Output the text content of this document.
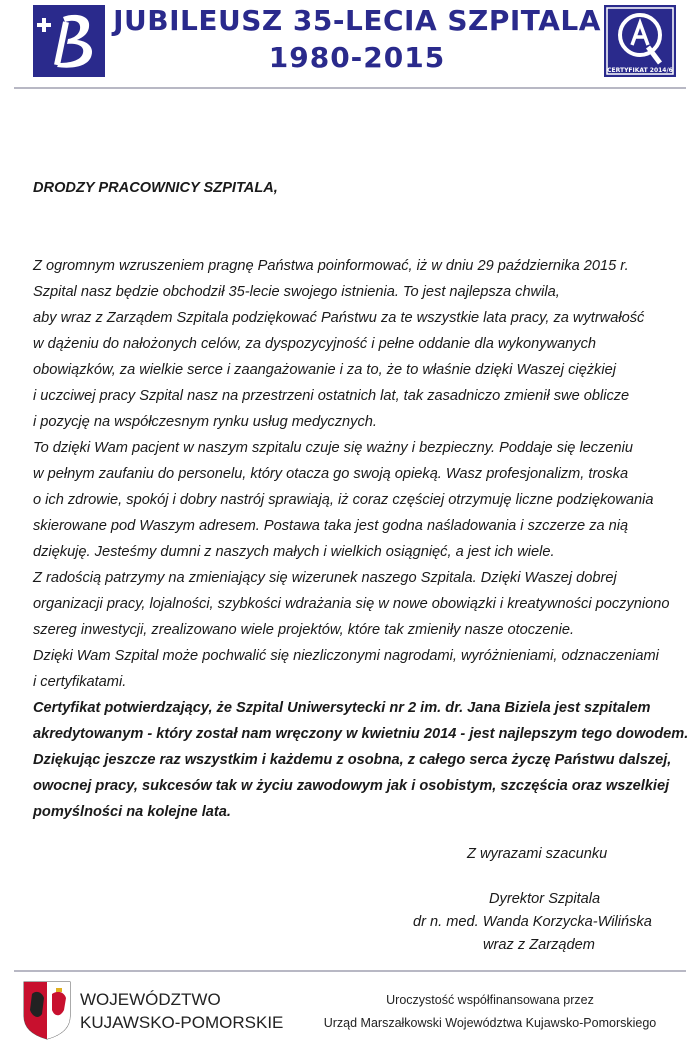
JUBILEUSZ 35-LECIA SZPITALA
1980-2015	CERTYFIKAT 2014/6
DRODZY PRACOWNICY SZPITALA,
Z ogromnym wzruszeniem pragnę Państwa poinformować, iż w dniu 29 października 2015 r.
Szpital nasz będzie obchodził 35-lecie swojego istnienia. To jest najlepsza chwila,
aby wraz z Zarządem Szpitala podziękować Państwu za te wszystkie lata pracy, za wytrwałość
w dążeniu do nałożonych celów, za dyspozycyjność i pełne oddanie dla wykonywanych
obowiązków, za wielkie serce i zaangażowanie i za to, że to właśnie dzięki Waszej ciężkiej
i uczciwej pracy Szpital nasz na przestrzeni ostatnich lat, tak zasadniczo zmienił swe oblicze
i pozycję na współczesnym rynku usług medycznych.
To dzięki Wam pacjent w naszym szpitalu czuje się ważny i bezpieczny. Poddaje się leczeniu
w pełnym zaufaniu do personelu, który otacza go swoją opieką. Wasz profesjonalizm, troska
o ich zdrowie, spokój i dobry nastrój sprawiają, iż coraz częściej otrzymuję liczne podziękowania
skierowane pod Waszym adresem. Postawa taka jest godna naśladowania i szczerze za nią
dziękuję. Jesteśmy dumni z naszych małych i wielkich osiągnięć, a jest ich wiele.
Z radością patrzymy na zmieniający się wizerunek naszego Szpitala. Dzięki Waszej dobrej
organizacji pracy, lojalności, szybkości wdrażania się w nowe obowiązki i kreatywności poczyniono
szereg inwestycji, zrealizowano wiele projektów, które tak zmieniły nasze otoczenie.
Dzięki Wam Szpital może pochwalić się niezliczonymi nagrodami, wyróżnieniami, odznaczeniami
i certyfikatami.
Certyfikat potwierdzający, że Szpital Uniwersytecki nr 2 im. dr. Jana Biziela jest szpitalem
akredytowanym - który został nam wręczony w kwietniu 2014 - jest najlepszym tego dowodem.
Dziękując jeszcze raz wszystkim i każdemu z osobna, z całego serca życzę Państwu dalszej,
owocnej pracy, sukcesów tak w życiu zawodowym jak i osobistym, szczęścia oraz wszelkiej
pomyślności na kolejne lata.
Z wyrazami szacunku
Dyrektor Szpitala
dr n. med. Wanda Korzycka-Wilińska
wraz z Zarządem
WOJEWÓDZTWO
KUJAWSKO-POMORSKIE
Uroczystość współfinansowana przez
Urząd Marszałkowski Województwa Kujawsko-Pomorskiego
